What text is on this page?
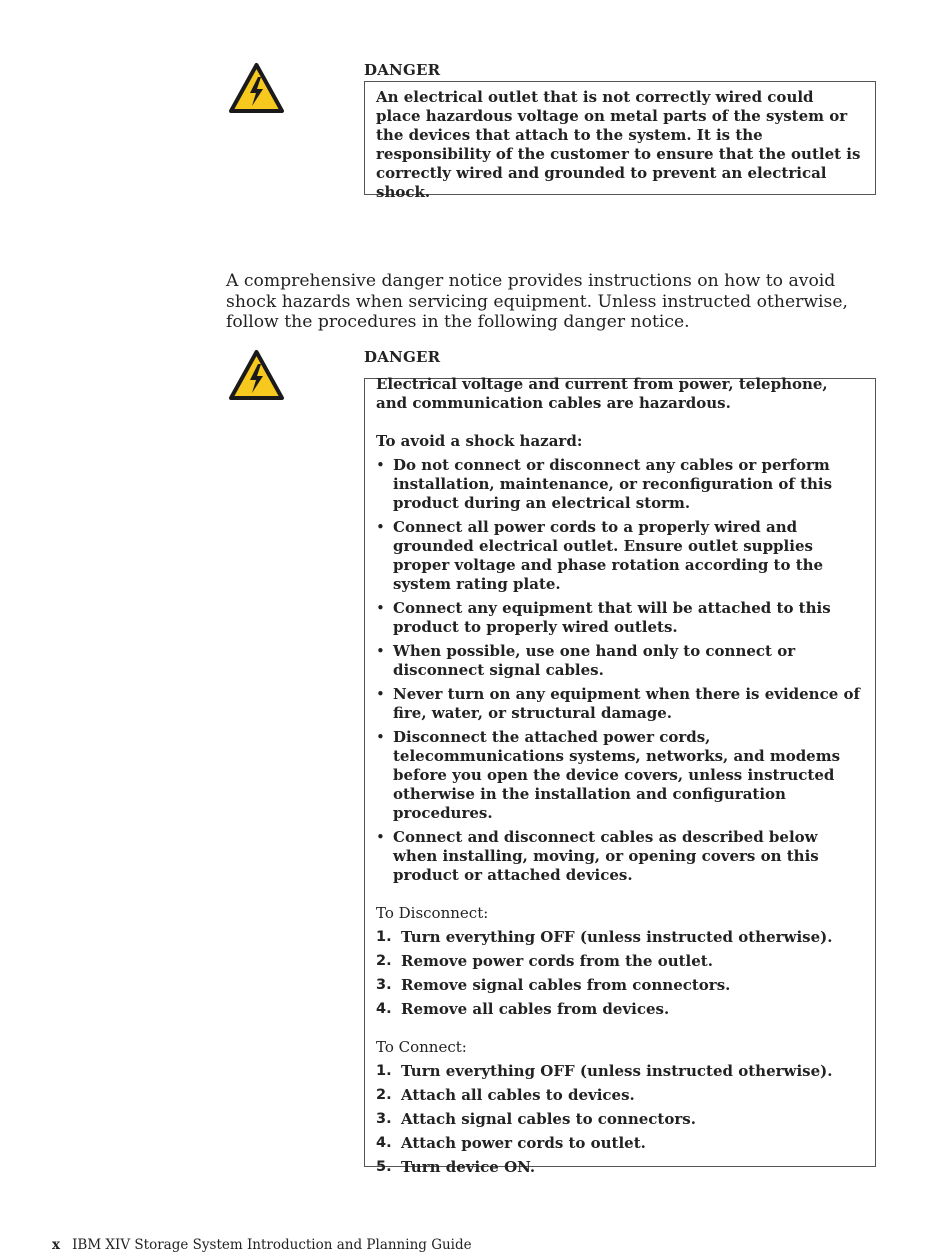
DANGER

An electrical outlet that is not correctly wired could place hazardous voltage on metal parts of the system or the devices that attach to the system. It is the responsibility of the customer to ensure that the outlet is correctly wired and grounded to prevent an electrical shock.

A comprehensive danger notice provides instructions on how to avoid shock hazards when servicing equipment. Unless instructed otherwise, follow the procedures in the following danger notice.
DANGER

Electrical voltage and current from power, telephone, and communication cables are hazardous.

To avoid a shock hazard:

• Do not connect or disconnect any cables or perform installation, maintenance, or reconfiguration of this product during an electrical storm.
• Connect all power cords to a properly wired and grounded electrical outlet. Ensure outlet supplies proper voltage and phase rotation according to the system rating plate.
• Connect any equipment that will be attached to this product to properly wired outlets.
• When possible, use one hand only to connect or disconnect signal cables.
• Never turn on any equipment when there is evidence of fire, water, or structural damage.
• Disconnect the attached power cords, telecommunications systems, networks, and modems before you open the device covers, unless instructed otherwise in the installation and configuration procedures.
• Connect and disconnect cables as described below when installing, moving, or opening covers on this product or attached devices.

To Disconnect:

1. Turn everything OFF (unless instructed otherwise).
2. Remove power cords from the outlet.
3. Remove signal cables from connectors.
4. Remove all cables from devices.

To Connect:

1. Turn everything OFF (unless instructed otherwise).
2. Attach all cables to devices.
3. Attach signal cables to connectors.
4. Attach power cords to outlet.
5. Turn device ON.
x IBM XIV Storage System Introduction and Planning Guide
